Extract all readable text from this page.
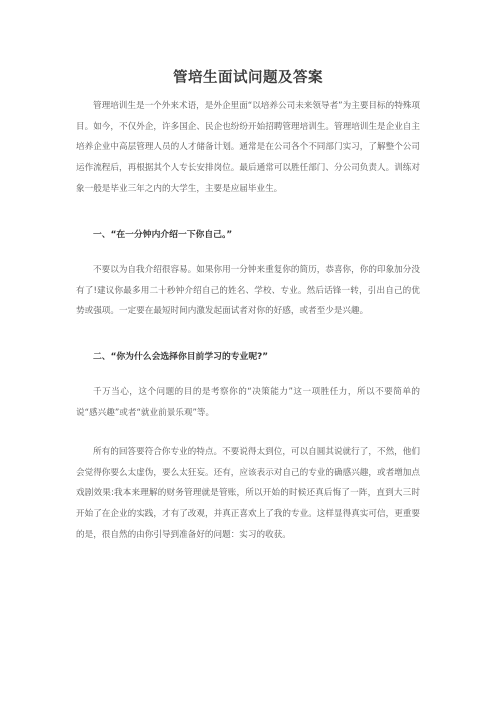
管培生面试问题及答案

管理培训生是一个外来术语，是外企里面“以培养公司未来领导者”为主要目标的特殊项目。如今，不仅外企，许多国企、民企也纷纷开始招聘管理培训生。管理培训生是企业自主培养企业中高层管理人员的人才储备计划。通常是在公司各个不同部门实习，了解整个公司运作流程后，再根据其个人专长安排岗位。最后通常可以胜任部门、分公司负责人。训练对象一般是毕业三年之内的大学生，主要是应届毕业生。

一、“在一分钟内介绍一下你自己。”

不要以为自我介绍很容易。如果你用一分钟来重复你的简历，恭喜你，你的印象加分没有了!建议你最多用二十秒钟介绍自己的姓名、学校、专业。然后话锋一转，引出自己的优势或强项。一定要在最短时间内激发起面试者对你的好感，或者至少是兴趣。

二、“你为什么会选择你目前学习的专业呢?”

千万当心，这个问题的目的是考察你的“决策能力”这一项胜任力，所以不要简单的说“感兴趣”或者“就业前景乐观”等。

所有的回答要符合你专业的特点。不要说得太到位，可以自圆其说就行了，不然，他们会觉得你要么太虚伪，要么太狂妄。还有，应该表示对自己的专业的确感兴趣，或者增加点戏剧效果:我本来理解的财务管理就是管账，所以开始的时候还真后悔了一阵，直到大三时开始了在企业的实践，才有了改观，并真正喜欢上了我的专业。这样显得真实可信，更重要的是，很自然的由你引导到准备好的问题：实习的收获。
